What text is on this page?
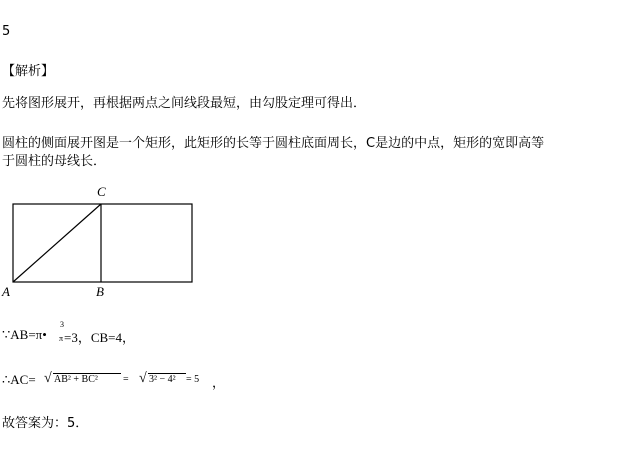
5
【解析】
先将图形展开，再根据两点之间线段最短，由勾股定理可得出．
圆柱的侧面展开图是一个矩形，此矩形的长等于圆柱底面周长，C是边的中点，矩形的宽即高等
于圆柱的母线长．
C
A	B
∵AB=π•
3
π =3，CB=4，
∴AC= √ AB² + BC²	= √ 3² − 4² = 5 ，
故答案为：5．
